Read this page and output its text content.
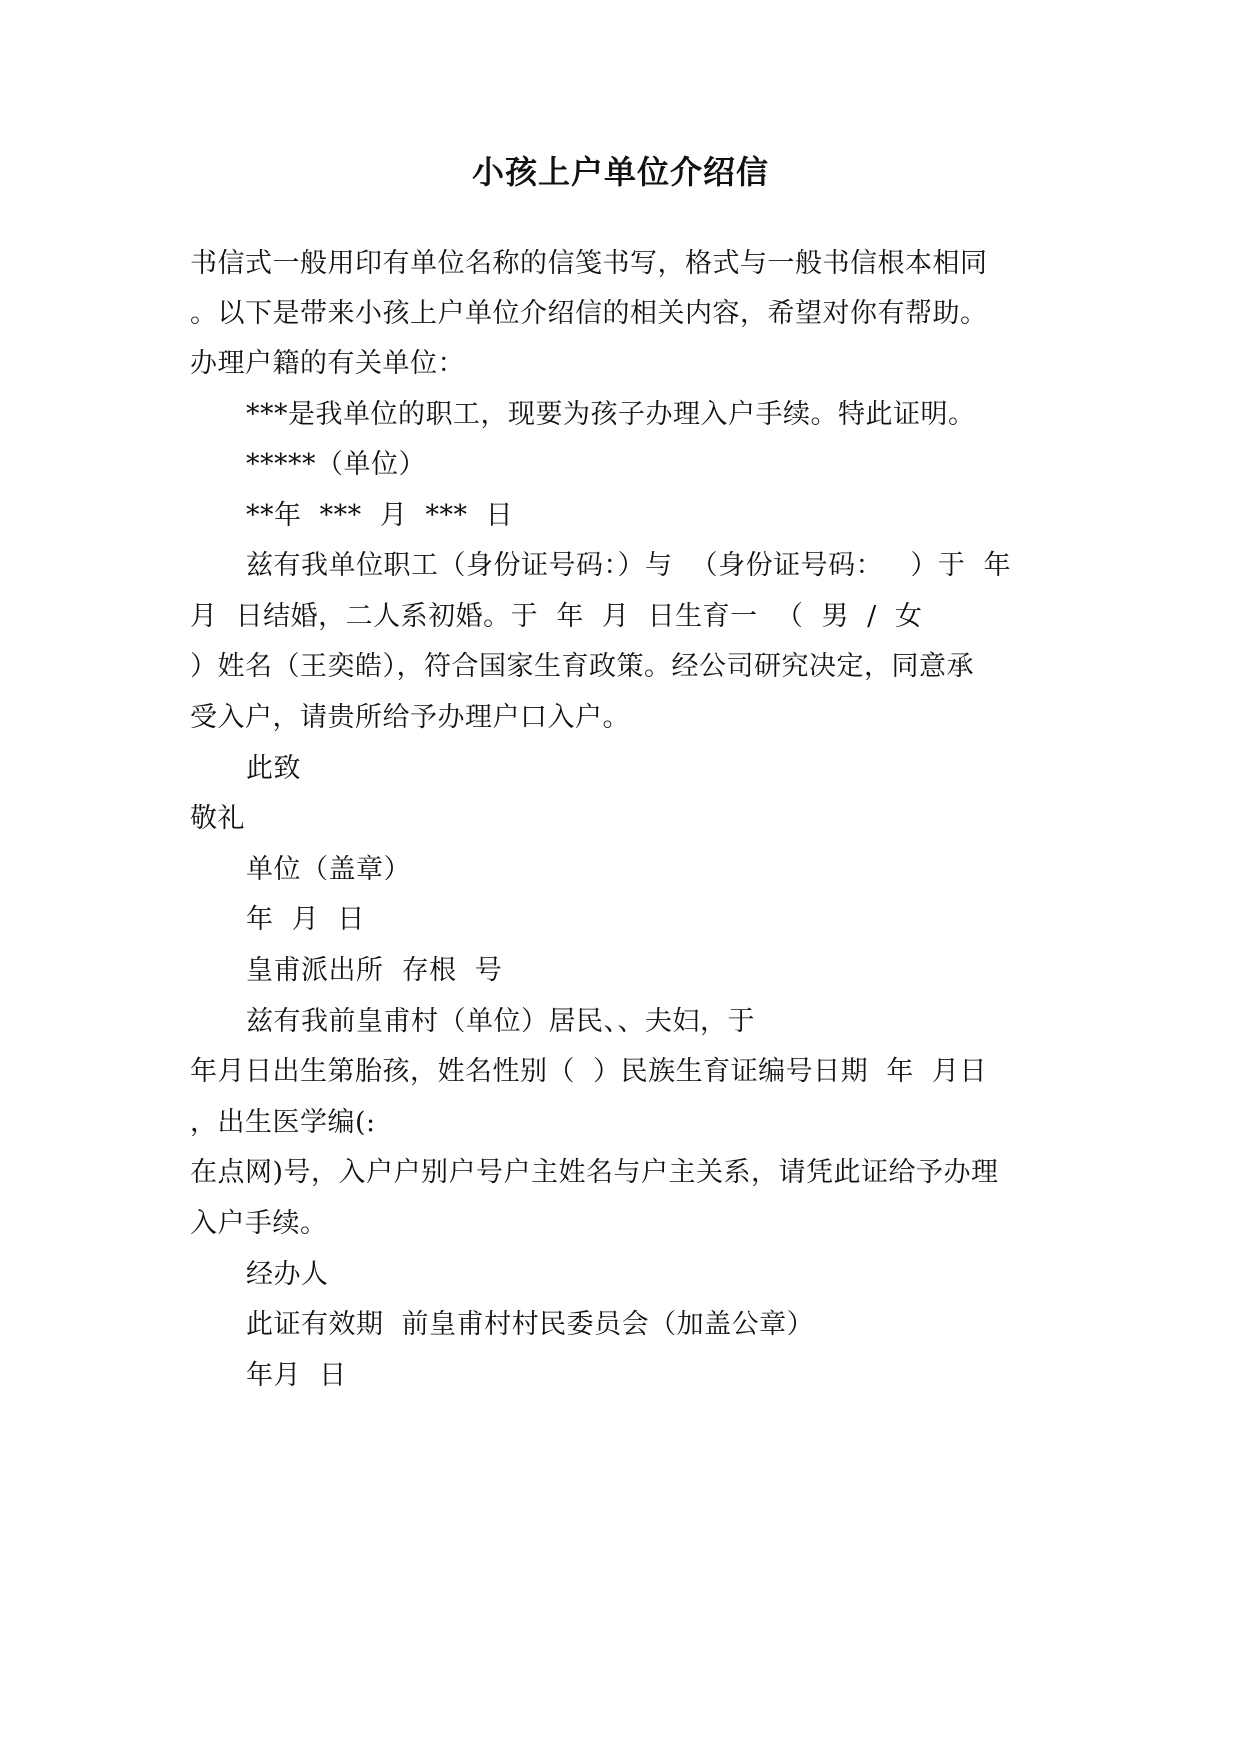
小孩上户单位介绍信
书信式一般用印有单位名称的信笺书写，格式与一般书信根本相同
。以下是带来小孩上户单位介绍信的相关内容，希望对你有帮助。
办理户籍的有关单位：
***是我单位的职工，现要为孩子办理入户手续。特此证明。
*****（单位）
**年  ***  月  ***  日
兹有我单位职工（身份证号码：）与  （身份证号码：   ）于  年
月  日结婚，二人系初婚。于  年  月  日生育一  （  男  /  女
）姓名（王奕皓），符合国家生育政策。经公司研究决定，同意承
受入户，请贵所给予办理户口入户。
此致
敬礼
单位（盖章）
年  月  日
皇甫派出所  存根  号
兹有我前皇甫村（单位）居民、、夫妇，于
年月日出生第胎孩，姓名性别（  ）民族生育证编号日期  年  月日
，出生医学编(:
在点网)号，入户户别户号户主姓名与户主关系，请凭此证给予办理
入户手续。
经办人
此证有效期  前皇甫村村民委员会（加盖公章）
年月  日
